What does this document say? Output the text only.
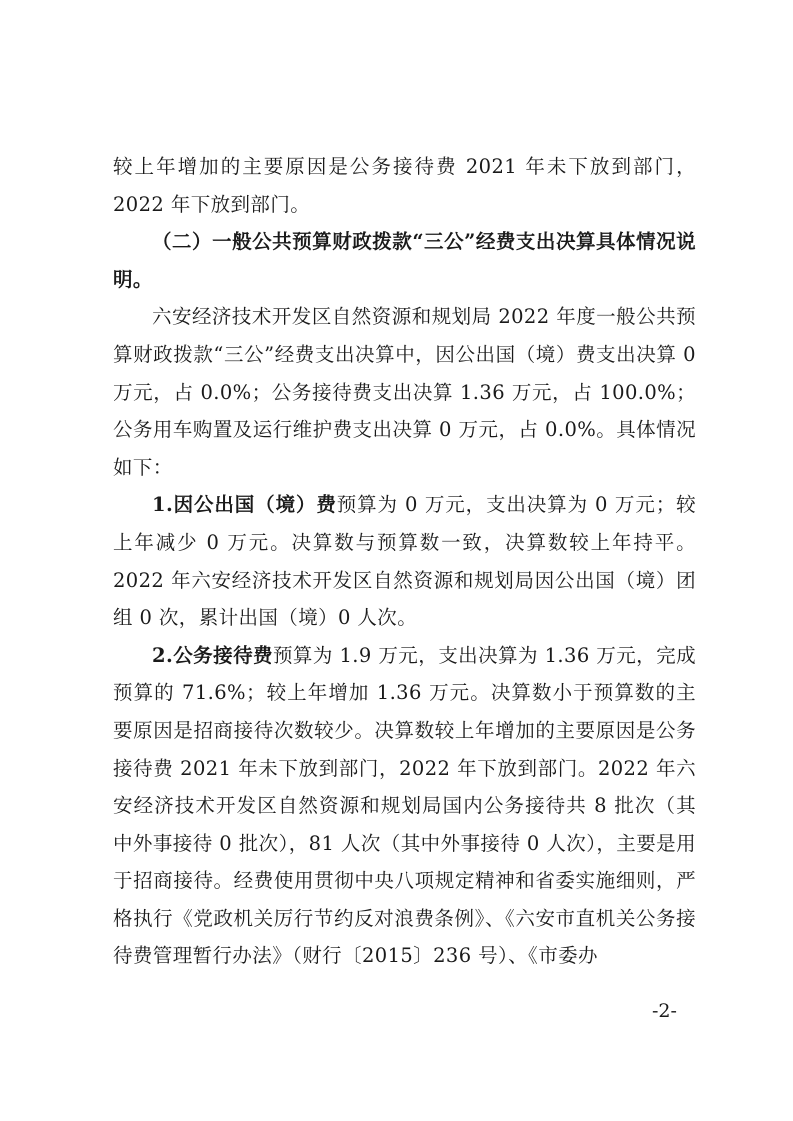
较上年增加的主要原因是公务接待费 2021 年未下放到部门，2022 年下放到部门。

（二）一般公共预算财政拨款“三公”经费支出决算具体情况说明。

六安经济技术开发区自然资源和规划局 2022 年度一般公共预算财政拨款“三公”经费支出决算中，因公出国（境）费支出决算 0 万元，占 0.0%；公务接待费支出决算 1.36 万元，占 100.0%；公务用车购置及运行维护费支出决算 0 万元，占 0.0%。具体情况如下：

1.因公出国（境）费预算为 0 万元，支出决算为 0 万元；较上年减少 0 万元。决算数与预算数一致，决算数较上年持平。2022 年六安经济技术开发区自然资源和规划局因公出国（境）团组 0 次，累计出国（境）0 人次。

2.公务接待费预算为 1.9 万元，支出决算为 1.36 万元，完成预算的 71.6%；较上年增加 1.36 万元。决算数小于预算数的主要原因是招商接待次数较少。决算数较上年增加的主要原因是公务接待费 2021 年未下放到部门，2022 年下放到部门。2022 年六安经济技术开发区自然资源和规划局国内公务接待共 8 批次（其中外事接待 0 批次），81 人次（其中外事接待 0 人次），主要是用于招商接待。经费使用贯彻中央八项规定精神和省委实施细则，严格执行《党政机关厉行节约反对浪费条例》、《六安市直机关公务接待费管理暂行办法》（财行〔2015〕236 号）、《市委办

-2-
